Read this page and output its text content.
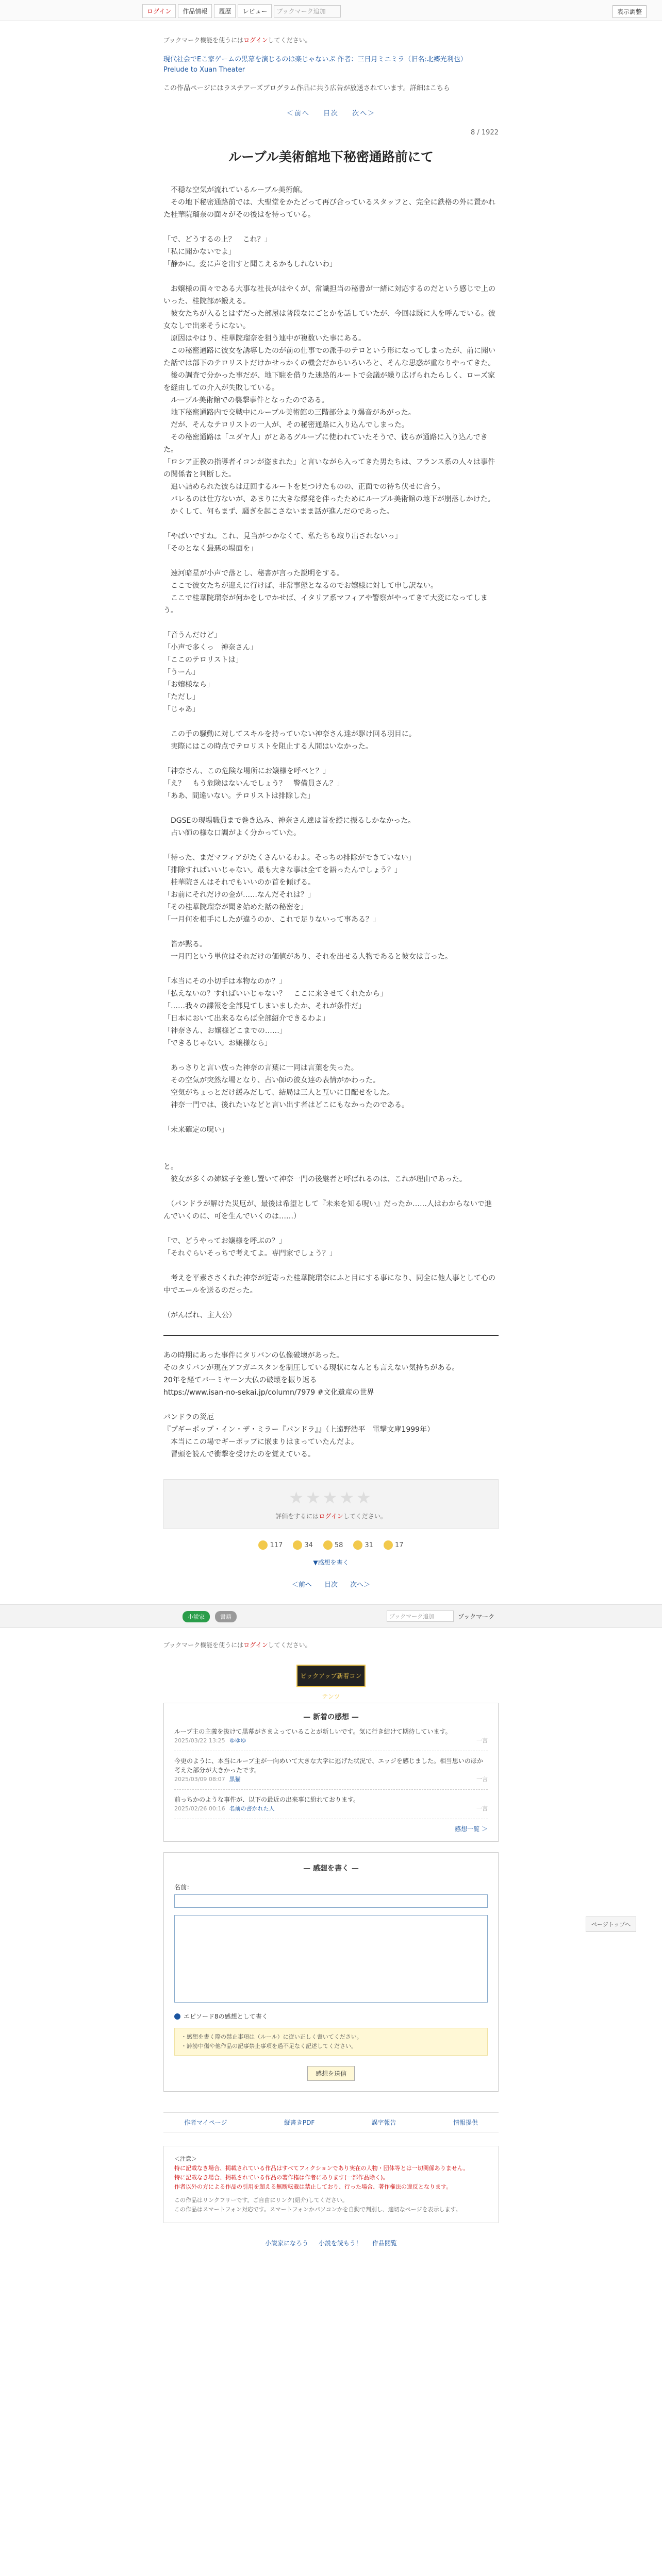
ログイン	作品情報	履歴	レビュー	ブックマーク追加	表示調整
ブックマーク機能を使うにはログインしてください。
現代社会でEこ家ゲームの黒幕を演じるのは楽じゃないぷ 作者：三日月ミニミラ（旧名:北郷光利也）
Prelude to Xuan Theater
この作品ページにはラスチアーズブログラム作品に共う広告が放送されています。詳細はこちら
＜前へ 目次 次へ＞
8 / 1922
ルーブル美術館地下秘密通路前にて

　不穏な空気が流れているルーブル美術館。

　その地下秘密通路前では、大聖堂をかたどって再び合っているスタッフと、完全に鉄格の外に置かれた桂華院瑠奈の面々がその後はを待っている。

「で、どうするの上？　これ？」

「私に聞かないでよ」

「静かに。変に声を出すと聞こえるかもしれないわ」

　お嬢様の面々である大事な社長がはやくが、常識担当の秘書が一緒に対応するのだという感じで上のいった、桂院部が鍛える。

　彼女たちが入るとはずだった部屋は普段なにごとかを話していたが、今回は既に人を呼んでいる。彼女なしで出来そうにない。

　原因はやはり、桂華院瑠奈を狙う連中が複数いた事にある。

　この秘密通路に彼女を誘導したのが前の仕事での派手のテロという形になってしまったが、前に聞いた話では部下のテロリストだけかせっかくの機会だからいろいろと、そんな思惑が重なりやってきた。

　後の調査で分かった事だが、地下駐を借りた迷路的ルートで会議が繰り広げられたらしく、ローズ家を経由しての介入が失敗している。

　ルーブル美術館での襲撃事件となったのである。

　地下秘密通路内で交戦中にルーブル美術館の三階部分より爆音があがった。

　だが、そんなテロリストの一人が、その秘密通路に入り込んでしまった。

　その秘密通路は「ユダヤ人」がとあるグループに使われていたそうで、彼らが通路に入り込んできた。

「ロシア正教の指導者イコンが盗まれた」と言いながら入ってきた男たちは、フランス系の人々は事件の関係者と判断した。

　追い詰められた彼らは迂回するルートを見つけたものの、正面での待ち伏せに合う。

　バレるのは仕方ないが、あまりに大きな爆発を伴ったためにルーブル美術館の地下が崩落しかけた。

　かくして、何もまず、騒ぎを起こさないまま話が進んだのであった。

「やばいですね。これ、見当がつかなくて、私たちも取り出されないっ」

「そのとなく最悪の場面を」

　速河暗星が小声で落とし、秘書が言った説明をする。

　ここで彼女たちが迎えに行けば、非常事態となるのでお嬢様に対して申し訳ない。

　ここで桂華院瑠奈が何かをしでかせば、イタリア系マフィアや警察がやってきて大変になってしまう。

「音うんだけど」

「小声で多くっ　神奈さん」

「ここのテロリストは」

「うーん」

「お嬢様なら」

「ただし」

「じゃあ」

　この手の騒動に対してスキルを持っていない神奈さん達が駆け回る羽目に。

　実際にはこの時点でテロリストを阻止する人間はいなかった。

「神奈さん、この危険な場所にお嬢様を呼べと？」

「え？　もう危険はないんでしょう？　警備員さん？」

「ああ、間違いない。テロリストは排除した」

　DGSEの現場職員まで巻き込み、神奈さん達は首を縦に振るしかなかった。

　占い師の様な口調がよく分かっていた。

「待った、まだマフィアがたくさんいるわよ。そっちの排除ができていない」

「排除すればいいじゃない。最も大きな事は全てを語ったんでしょう？」

　桂華院さんはそれでもいいのか首を傾げる。

「お前にそれだけの金が……なんだそれは？」

「その桂華院瑠奈が聞き始めた話の秘密を」

「一月何を相手にしたが違うのか、これで足りないって事ある？」

　皆が黙る。

　一月円という単位はそれだけの価値があり、それを出せる人物であると彼女は言った。

「本当にその小切手は本物なのか？」

「払えないの？すればいいじゃない？　ここに来させてくれたから」

「……我々の諜報を全部見てしまいましたか、それが条件だ」

「日本において出来るならば全部紹介できるわよ」

「神奈さん、お嬢様どこまでの……」

「できるじゃない。お嬢様なら」

　あっさりと言い放った神奈の言葉に一同は言葉を失った。

　その空気が突然な場となり、占い師の彼女達の表情がかわった。

　空気がちょっとだけ緩みだして、結局は三人と互いに目配せをした。

　神奈一門では、後れたいなどと言い出す者はどこにもなかったのである。

「未来確定の呪い」

と。

　彼女が多くの姉妹子を差し置いて神奈一門の後継者と呼ばれるのは、これが理由であった。

　（パンドラが解けた災厄が、最後は希望として『未来を知る呪い』だったか……人はわからないで進んでいくのに、可を生んでいくのは……）

「で、どうやってお嬢様を呼ぶの？」

「それぐらいそっちで考えてよ。専門家でしょう？」

　考えを平素ささくれた神奈が近寄った桂華院瑠奈にふと目にする事になり、同全に他人事として心の中でエールを送るのだった。

（がんばれ、主人公）

あの時期にあった事件にタリバンの仏像破壊があった。

そのタリバンが現在アフガニスタンを制圧している現状になんとも言えない気持ちがある。

20年を経てバーミヤーン大仏の破壊を振り返る

https://www.isan-no-sekai.jp/column/7979 #文化遺産の世界

パンドラの災厄

『プギーポップ・イン・ザ・ミラー『パンドラ』』（上遠野浩平　電撃文庫1999年）

　本当にこの場でギーポップに嵌まりはまっていたんだよ。

　冒頭を読んで衝撃を受けたのを覚えている。

★★★★★
評価をするにはログインしてください。
117	34	58	31	17
▼感想を書く
＜前へ 目次 次へ＞
ページトップへ
小説家	書籍	ブックマーク追加	ブックマーク
ブックマーク機能を使うにはログインしてください。
ピックアップ新着コンテンツ
— 新着の感想 —
ループ主の主義を抜けて黒幕がさまよっていることが新しいです。気に行き結けて期待しています。
2025/03/22 13:25 ゆゆゆ	一言
今更のように、本当にループ主が一向めいて大きな大学に逃げた状況で、エッジを感じました。相当思いのほか考えた部分が大きかったです。
2025/03/09 08:07 黒猫	一言
前っちかのような事件が、以下の最近の出来事に紛れております。
2025/02/26 00:16 名前の書かれた人	一言
感想一覧 ＞
— 感想を書く —
名前：
エピソード8の感想として書く
・感想を書く際の禁止事項は（ルール）に従い正しく書いてください。
・誹謗中傷や他作品の記事禁止事項を過不足なく記述してください。
感想を送信
作者マイページ	縦書きPDF	誤字報告	情報提供
＜注意＞
特に記載なき場合、掲載されている作品はすべてフィクションであり実在の人物・団体等とは一切関係ありません。
特に記載なき場合、掲載されている作品の著作権は作者にあります(一部作品除く)。
作者以外の方による作品の引用を超える無断転載は禁止しており、行った場合、著作権法の違反となります。
この作品はリンクフリーです。ご自由にリンク(紹介)してください。
この作品はスマートフォン対応です。スマートフォンかパソコンかを自動で判別し、適切なページを表示します。
小説家になろう 小説を読もう！ 作品閲覧
